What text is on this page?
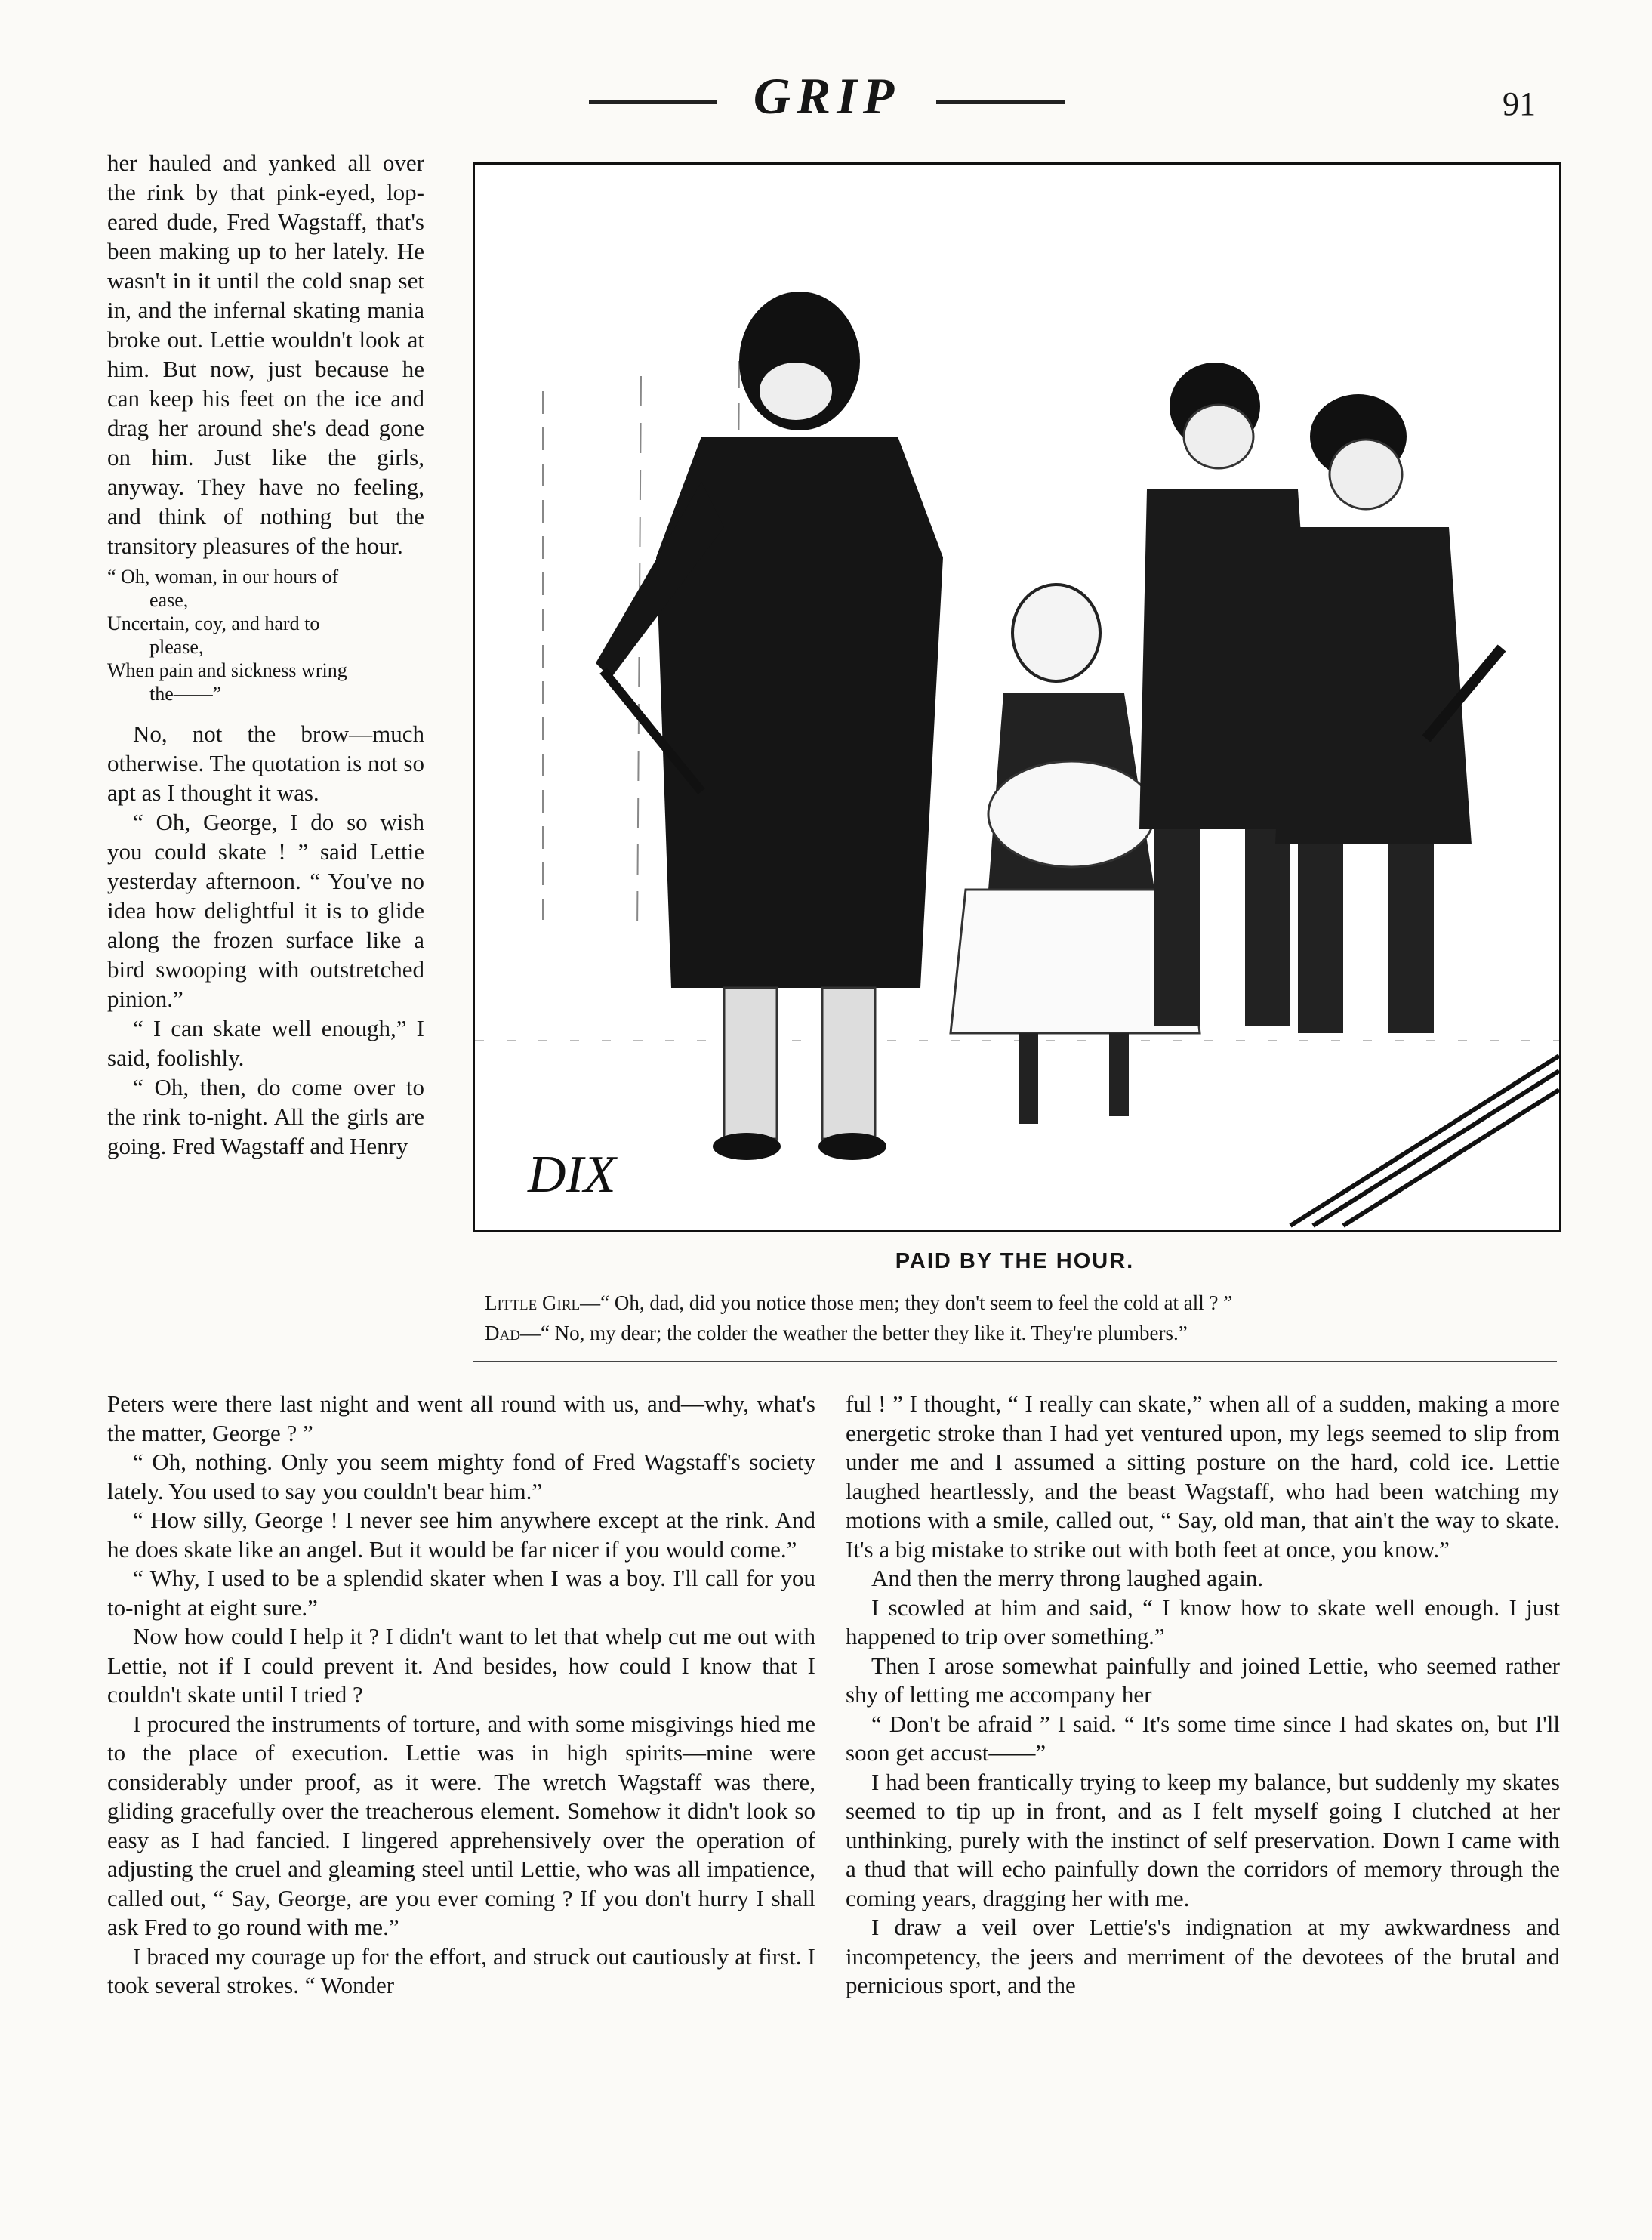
GRIP	91

her hauled and yanked all over the rink by that pink-eyed, lop-eared dude, Fred Wagstaff, that's been making up to her lately. He wasn't in it until the cold snap set in, and the infernal skating mania broke out. Lettie wouldn't look at him. But now, just because he can keep his feet on the ice and drag her around she's dead gone on him. Just like the girls, anyway. They have no feeling, and think of nothing but the transitory pleasures of the hour.

“ Oh, woman, in our hours of
ease,
Uncertain, coy, and hard to
please,
When pain and sickness wring
the——”

No, not the brow—much otherwise. The quotation is not so apt as I thought it was.

“ Oh, George, I do so wish you could skate ! ” said Lettie yesterday afternoon. “ You've no idea how delightful it is to glide along the frozen surface like a bird swooping with outstretched pinion.”

“ I can skate well enough,” I said, foolishly.

“ Oh, then, do come over to the rink to-night. All the girls are going. Fred Wagstaff and Henry	DIX
PAID BY THE HOUR.
Little Girl—“ Oh, dad, did you notice those men; they don't seem to feel the cold at all ? ”
Dad—“ No, my dear; the colder the weather the better they like it. They're plumbers.”

Peters were there last night and went all round with us, and—why, what's the matter, George ? ”

“ Oh, nothing. Only you seem mighty fond of Fred Wagstaff's society lately. You used to say you couldn't bear him.”

“ How silly, George ! I never see him anywhere except at the rink. And he does skate like an angel. But it would be far nicer if you would come.”

“ Why, I used to be a splendid skater when I was a boy. I'll call for you to-night at eight sure.”

Now how could I help it ? I didn't want to let that whelp cut me out with Lettie, not if I could prevent it. And besides, how could I know that I couldn't skate until I tried ?

I procured the instruments of torture, and with some misgivings hied me to the place of execution. Lettie was in high spirits—mine were considerably under proof, as it were. The wretch Wagstaff was there, gliding gracefully over the treacherous element. Somehow it didn't look so easy as I had fancied. I lingered apprehensively over the operation of adjusting the cruel and gleaming steel until Lettie, who was all impatience, called out, “ Say, George, are you ever coming ? If you don't hurry I shall ask Fred to go round with me.”

I braced my courage up for the effort, and struck out cautiously at first. I took several strokes. “ Wonder

ful ! ” I thought, “ I really can skate,” when all of a sudden, making a more energetic stroke than I had yet ventured upon, my legs seemed to slip from under me and I assumed a sitting posture on the hard, cold ice. Lettie laughed heartlessly, and the beast Wagstaff, who had been watching my motions with a smile, called out, “ Say, old man, that ain't the way to skate. It's a big mistake to strike out with both feet at once, you know.”

And then the merry throng laughed again.

I scowled at him and said, “ I know how to skate well enough. I just happened to trip over something.”

Then I arose somewhat painfully and joined Lettie, who seemed rather shy of letting me accompany her

“ Don't be afraid ” I said. “ It's some time since I had skates on, but I'll soon get accust——”

I had been frantically trying to keep my balance, but suddenly my skates seemed to tip up in front, and as I felt myself going I clutched at her unthinking, purely with the instinct of self preservation. Down I came with a thud that will echo painfully down the corridors of memory through the coming years, dragging her with me.

I draw a veil over Lettie's's indignation at my awkwardness and incompetency, the jeers and merriment of the devotees of the brutal and pernicious sport, and the
